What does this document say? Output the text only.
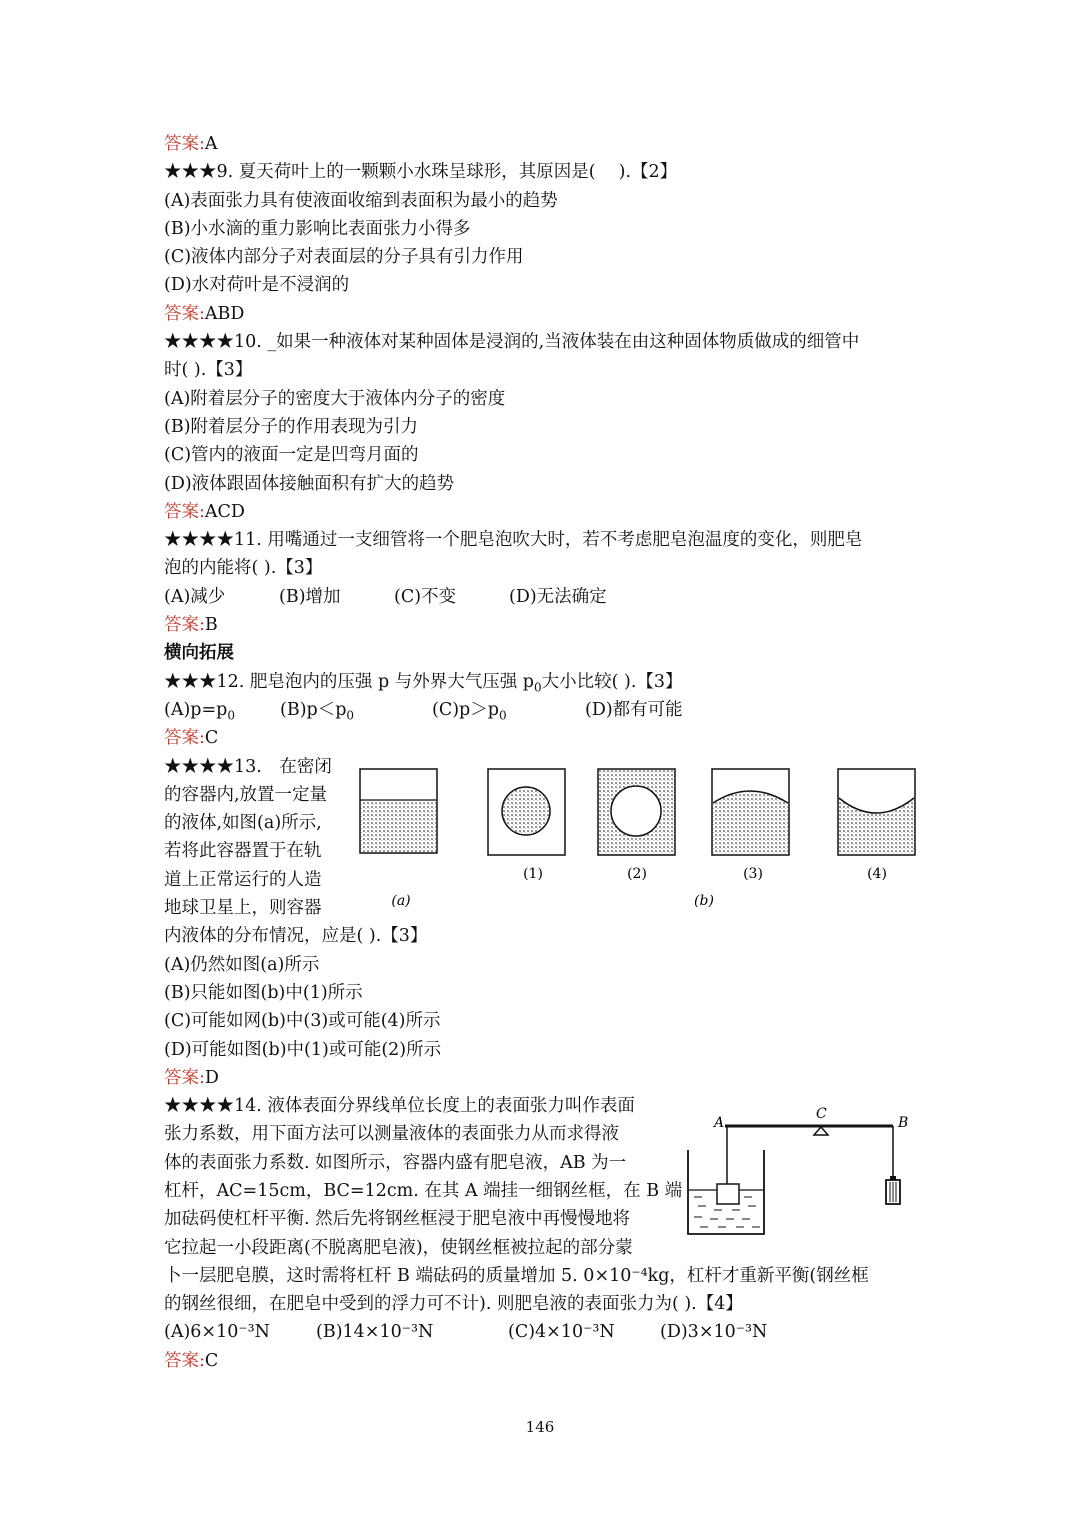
答案:A
★★★9. 夏天荷叶上的一颗颗小水珠呈球形，其原因是(　 ).【2】
(A)表面张力具有使液面收缩到表面积为最小的趋势
(B)小水滴的重力影响比表面张力小得多
(C)液体内部分子对表面层的分子具有引力作用
(D)水对荷叶是不浸润的
答案:ABD
★★★★10. _如果一种液体对某种固体是浸润的,当液体装在由这种固体物质做成的细管中
时( ).【3】
(A)附着层分子的密度大于液体内分子的密度
(B)附着层分子的作用表现为引力
(C)管内的液面一定是凹弯月面的
(D)液体跟固体接触面积有扩大的趋势
答案:ACD
★★★★11. 用嘴通过一支细管将一个肥皂泡吹大时，若不考虑肥皂泡温度的变化，则肥皂
泡的内能将( ).【3】
(A)减少	(B)增加	(C)不变	(D)无法确定
答案:B
横向拓展
★★★12. 肥皂泡内的压强 p 与外界大气压强 $p_0$大小比较( ).【3】
$(A)p=p_0$	$(B)p<p_0$	$(C)p>p_0$	(D)都有可能
答案:C
★★★★13.　在密闭
的容器内,放置一定量
的液体,如图(a)所示,
若将此容器置于在轨
道上正常运行的人造
地球卫星上，则容器
内液体的分布情况，应是( ).【3】
(A)仍然如图(a)所示
(B)只能如图(b)中(1)所示
(C)可能如网(b)中(3)或可能(4)所示
(D)可能如图(b)中(1)或可能(2)所示
答案:D
★★★★14. 液体表面分界线单位长度上的表面张力叫作表面
张力系数，用下面方法可以测量液体的表面张力从而求得液
体的表面张力系数. 如图所示，容器内盛有肥皂液，AB 为一
杠杆，AC=15cm，BC=12cm. 在其 A 端挂一细钢丝框，在 B 端
加砝码使杠杆平衡. 然后先将钢丝框浸于肥皂液中再慢慢地将
它拉起一小段距离(不脱离肥皂液)，使钢丝框被拉起的部分蒙
卜一层肥皂膜，这时需将杠杆 B 端砝码的质量增加 5. 0×10⁻⁴kg，杠杆才重新平衡(钢丝框
的钢丝很细，在肥皂中受到的浮力可不计). 则肥皂液的表面张力为( ).【4】
(A)6×10⁻³N	(B)14×10⁻³N	(C)4×10⁻³N	(D)3×10⁻³N
答案:C
(1)	(2)	(3)	(4)
(a)	(b)
A
C
B
146
